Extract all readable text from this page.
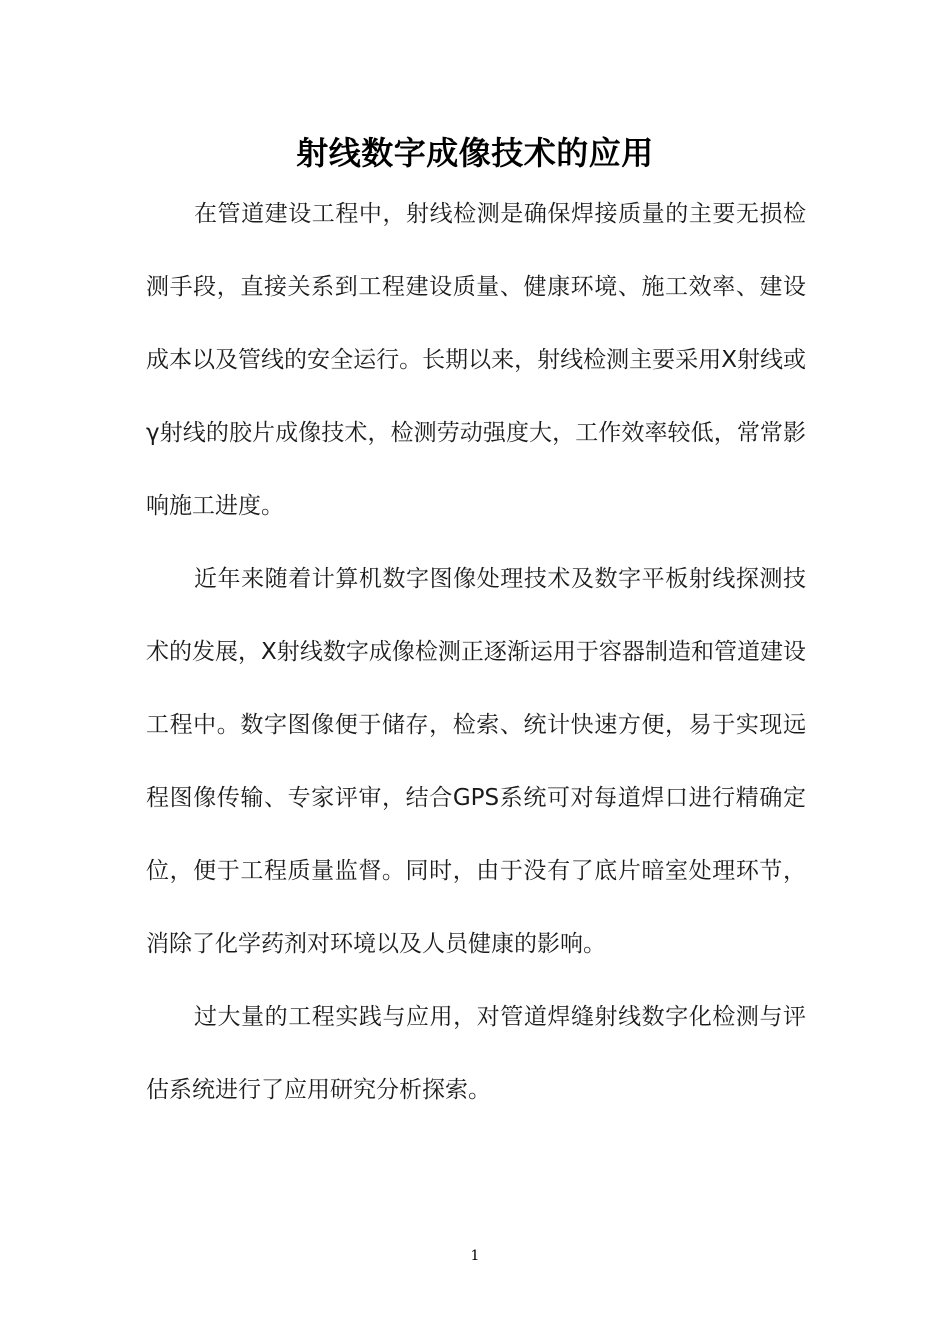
射线数字成像技术的应用

在管道建设工程中，射线检测是确保焊接质量的主要无损检测手段，直接关系到工程建设质量、健康环境、施工效率、建设成本以及管线的安全运行。长期以来，射线检测主要采用X射线或γ射线的胶片成像技术，检测劳动强度大，工作效率较低，常常影响施工进度。

近年来随着计算机数字图像处理技术及数字平板射线探测技术的发展，X射线数字成像检测正逐渐运用于容器制造和管道建设工程中。数字图像便于储存，检索、统计快速方便，易于实现远程图像传输、专家评审，结合GPS系统可对每道焊口进行精确定位，便于工程质量监督。同时，由于没有了底片暗室处理环节，消除了化学药剂对环境以及人员健康的影响。

过大量的工程实践与应用，对管道焊缝射线数字化检测与评估系统进行了应用研究分析探索。

1
